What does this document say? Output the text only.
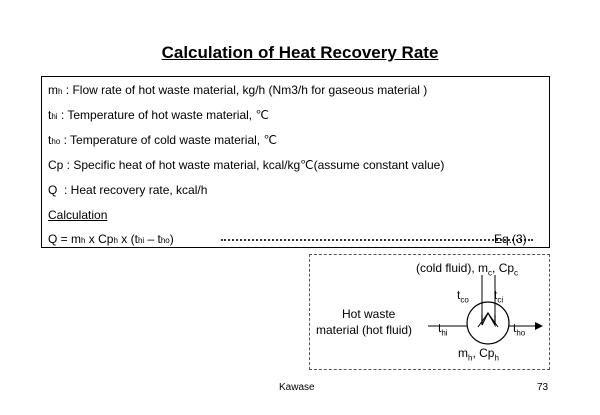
Calculation of Heat Recovery Rate
mh : Flow rate of hot waste material, kg/h (Nm3/h for gaseous material )
thi : Temperature of hot waste material, ℃
tho : Temperature of cold waste material, ℃
Cp : Specific heat of hot waste material, kcal/kg℃(assume constant value)
Q  : Heat recovery rate, kcal/h
Calculation
Q = mh x Cph x (thi – tho)	Eq.(3)
(cold fluid), $m_c$, $Cp_c$
$t_{co}$ $t_{ci}$
Hot waste
material (hot fluid) $t_{hi}$	$t_{ho}$
$m_h$, $Cp_h$
Kawase	73
